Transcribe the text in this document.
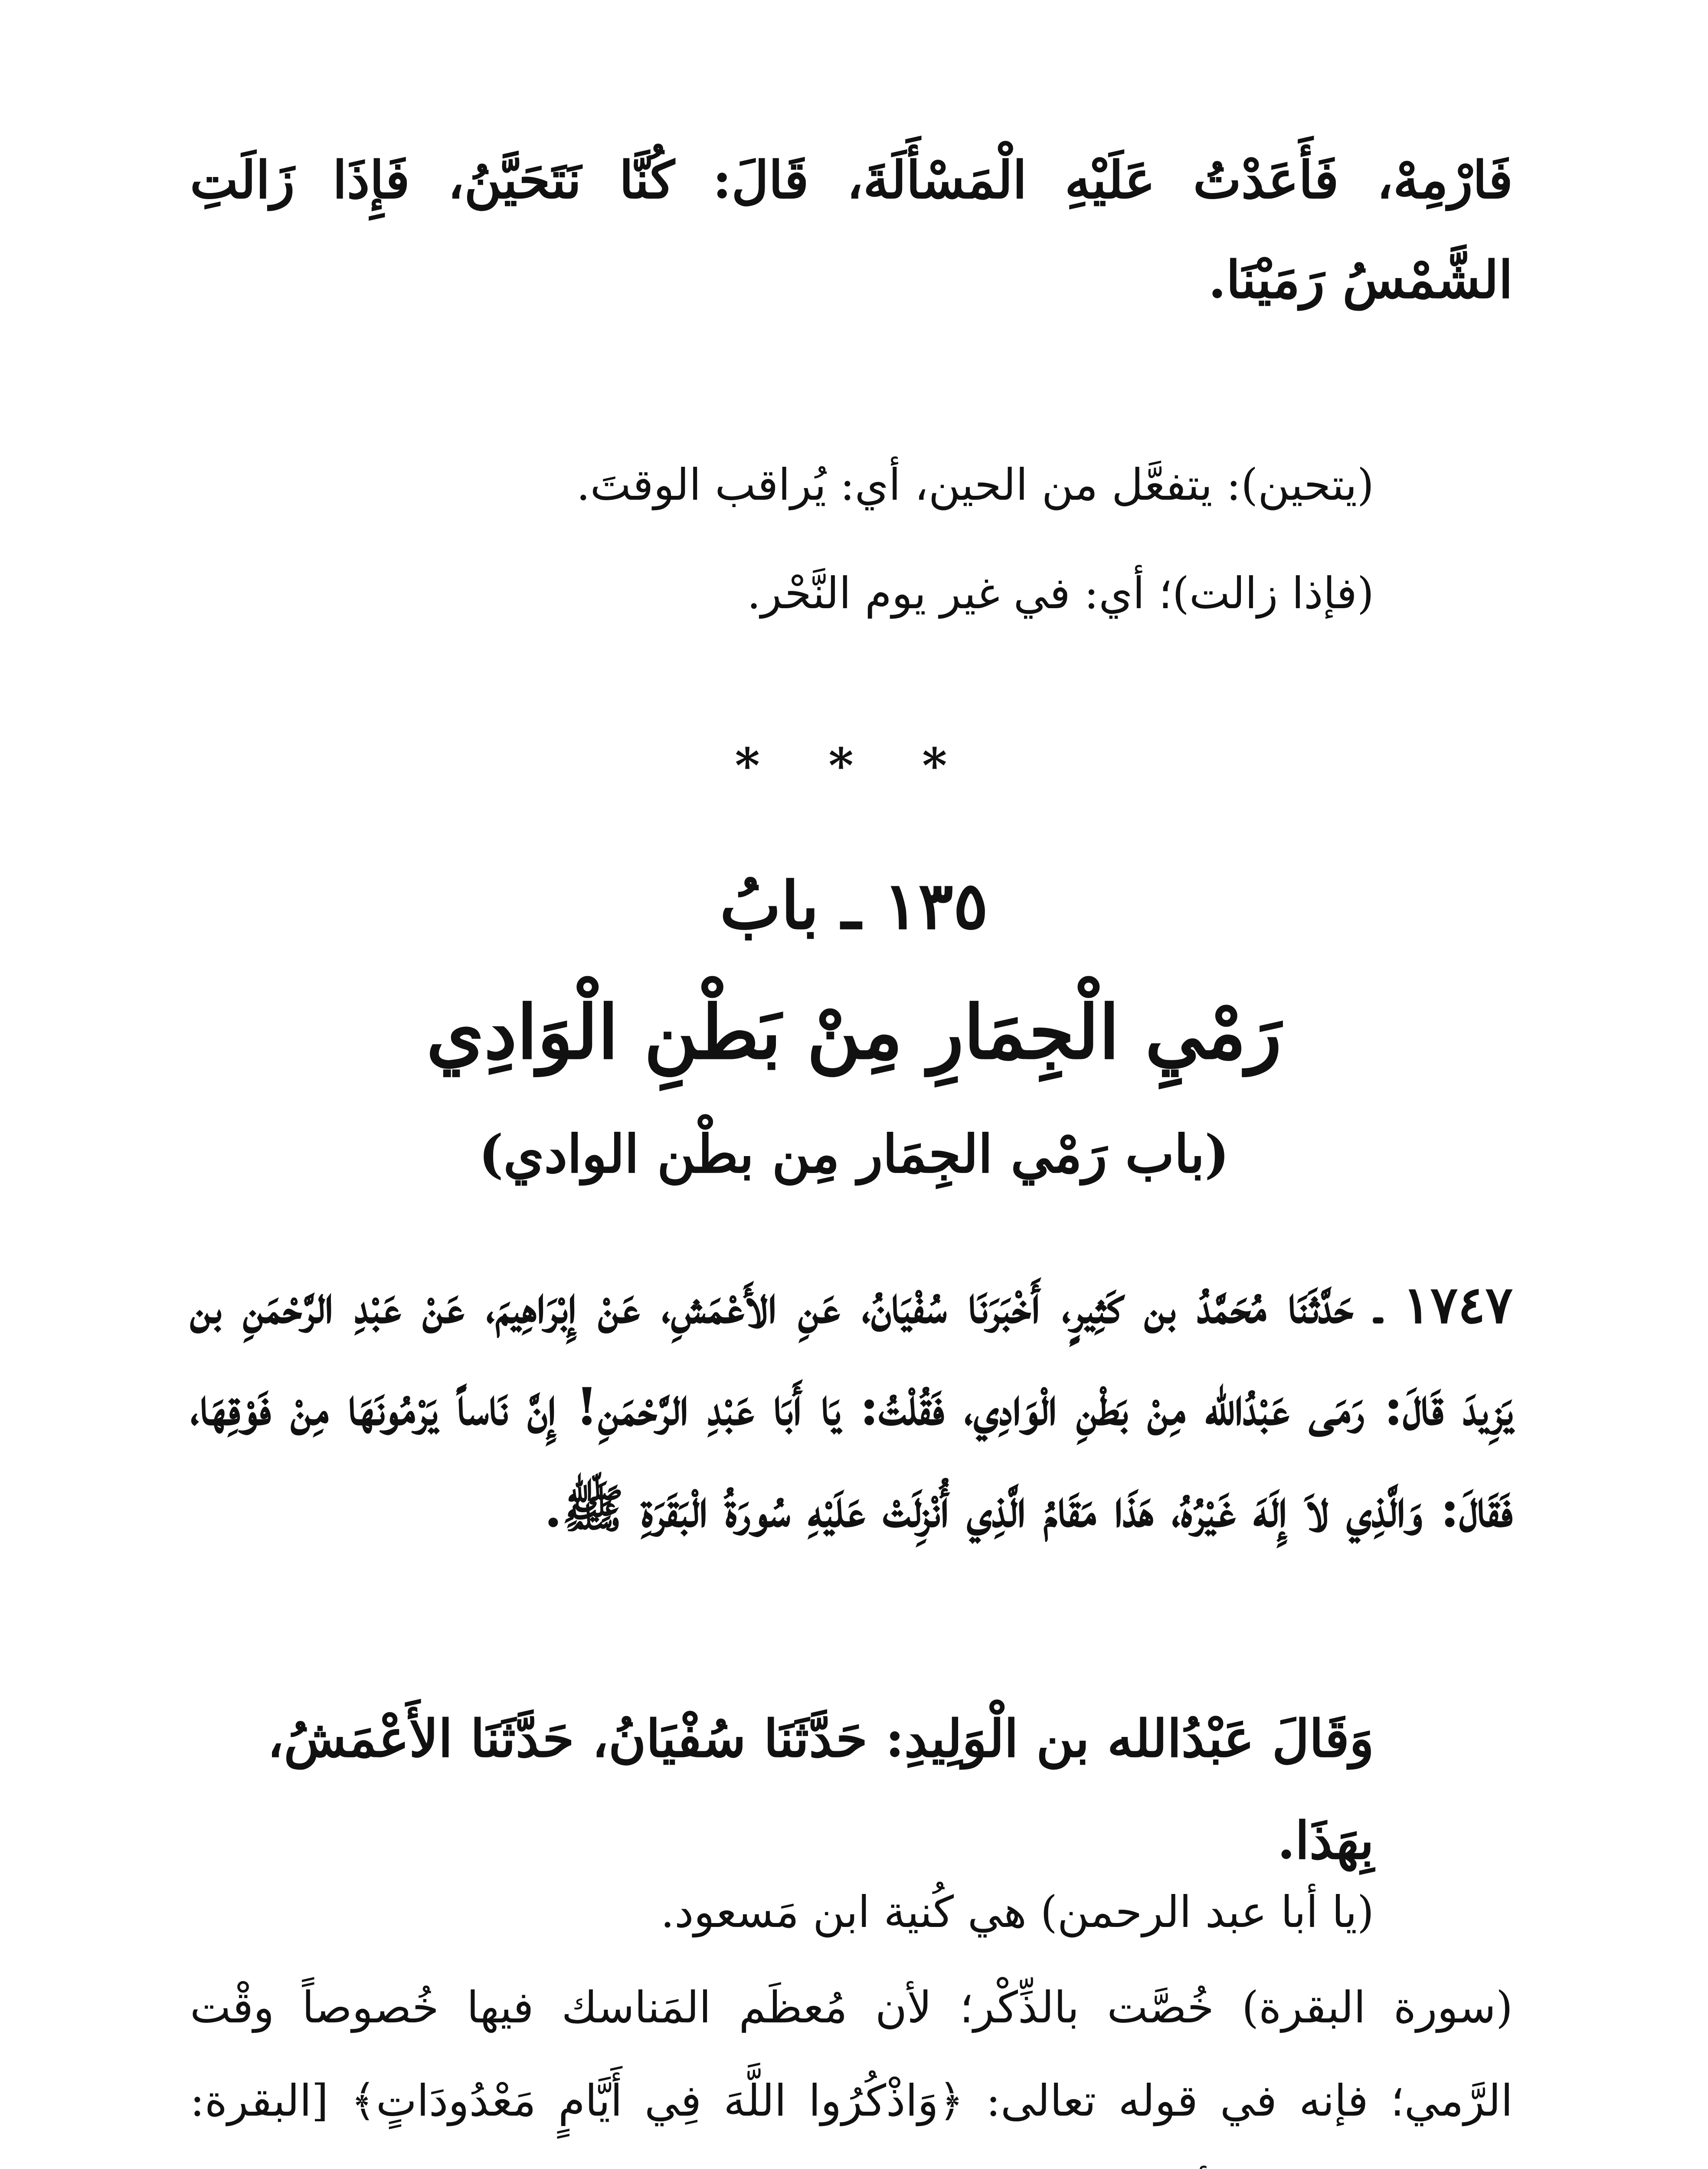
فَارْمِهْ، فَأَعَدْتُ عَلَيْهِ الْمَسْأَلَةَ، قَالَ: كُنَّا نَتَحَيَّنُ، فَإِذَا زَالَتِ الشَّمْسُ رَمَيْنَا.
(يتحين): يتفعَّل من الحين، أي: يُراقب الوقتَ.
(فإذا زالت)؛ أي: في غير يوم النَّحْر.
* * *
١٣٥ ـ بابُ
رَمْيِ الْجِمَارِ مِنْ بَطْنِ الْوَادِي
(باب رَمْي الجِمَار مِن بطْن الوادي)
١٧٤٧ ـ حَدَّثَنَا مُحَمَّدُ بن كَثِيرٍ، أَخْبَرَنَا سُفْيَانُ، عَنِ الأَعْمَشِ، عَنْ إِبْرَاهِيمَ، عَنْ عَبْدِ الرَّحْمَنِ بن يَزِيدَ قَالَ: رَمَى عَبْدُالله مِنْ بَطْنِ الْوَادِي، فَقُلْتُ: يَا أَبَا عَبْدِ الرَّحْمَنِ! إِنَّ نَاساً يَرْمُونَهَا مِنْ فَوْقِهَا، فَقَالَ: وَالَّذِي لاَ إِلَهَ غَيْرُهُ، هَذَا مَقَامُ الَّذِي أُنْزِلَتْ عَلَيْهِ سُورَةُ الْبَقَرَةِ ﷺ.
وَقَالَ عَبْدُالله بن الْوَلِيدِ: حَدَّثَنَا سُفْيَانُ، حَدَّثَنَا الأَعْمَشُ، بِهَذَا.
(يا أبا عبد الرحمن) هي كُنية ابن مَسعود.
(سورة البقرة) خُصَّت بالذِّكْر؛ لأن مُعظَم المَناسك فيها خُصوصاً وقْت الرَّمي؛ فإنه في قوله تعالى: ﴿وَاذْكُرُوا اللَّهَ فِي أَيَّامٍ مَعْدُودَاتٍ﴾ [البقرة:
